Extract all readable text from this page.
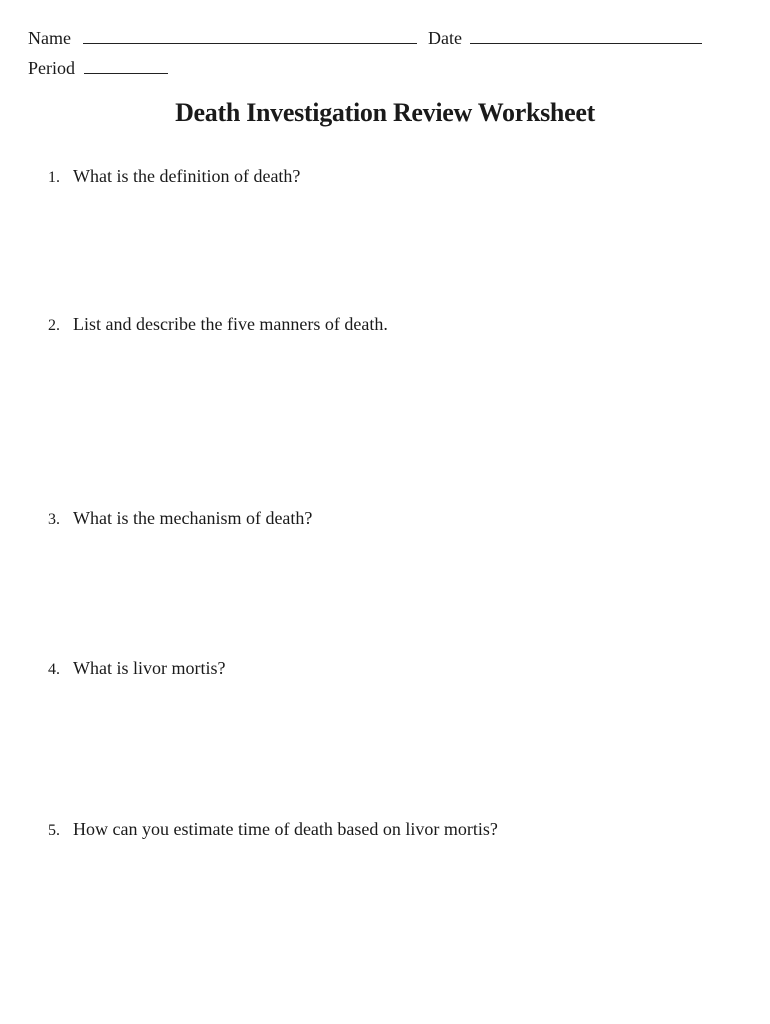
Name	Date
Period
Death Investigation Review Worksheet
1. What is the definition of death?
2. List and describe the five manners of death.
3. What is the mechanism of death?
4. What is livor mortis?
5. How can you estimate time of death based on livor mortis?
